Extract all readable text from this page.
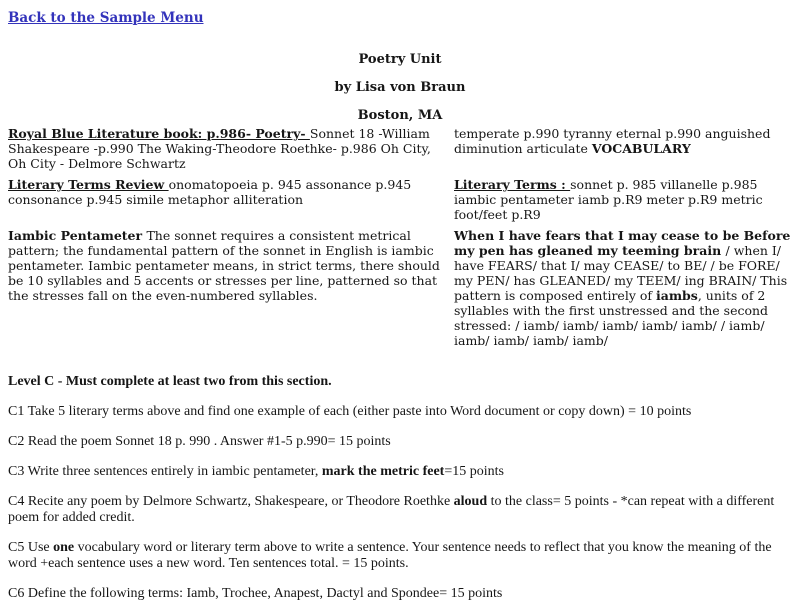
Back to the Sample Menu

Poetry Unit

by Lisa von Braun

Boston, MA

Royal Blue Literature book: p.986- Poetry- Sonnet 18 -William Shakespeare -p.990 The Waking-Theodore Roethke- p.986 Oh City, Oh City - Delmore Schwartz

temperate p.990 tyranny eternal p.990 anguished diminution articulate VOCABULARY

Literary Terms Review onomatopoeia p. 945 assonance p.945 consonance p.945 simile metaphor alliteration

Literary Terms : sonnet p. 985 villanelle p.985 iambic pentameter iamb p.R9 meter p.R9 metric foot/feet p.R9

Iambic Pentameter The sonnet requires a consistent metrical pattern; the fundamental pattern of the sonnet in English is iambic pentameter. Iambic pentameter means, in strict terms, there should be 10 syllables and 5 accents or stresses per line, patterned so that the stresses fall on the even-numbered syllables.

When I have fears that I may cease to be Before my pen has gleaned my teeming brain / when I/ have FEARS/ that I/ may CEASE/ to BE/ / be FORE/ my PEN/ has GLEANED/ my TEEM/ ing BRAIN/ This pattern is composed entirely of iambs, units of 2 syllables with the first unstressed and the second stressed: / iamb/ iamb/ iamb/ iamb/ iamb/ / iamb/ iamb/ iamb/ iamb/ iamb/

Level C - Must complete at least two from this section.

C1 Take 5 literary terms above and find one example of each (either paste into Word document or copy down) = 10 points

C2 Read the poem Sonnet 18 p. 990 . Answer #1-5 p.990= 15 points

C3 Write three sentences entirely in iambic pentameter, mark the metric feet=15 points

C4 Recite any poem by Delmore Schwartz, Shakespeare, or Theodore Roethke aloud to the class= 5 points - *can repeat with a different poem for added credit.

C5 Use one vocabulary word or literary term above to write a sentence. Your sentence needs to reflect that you know the meaning of the word +each sentence uses a new word. Ten sentences total. = 15 points.

C6 Define the following terms: Iamb, Trochee, Anapest, Dactyl and Spondee= 15 points
